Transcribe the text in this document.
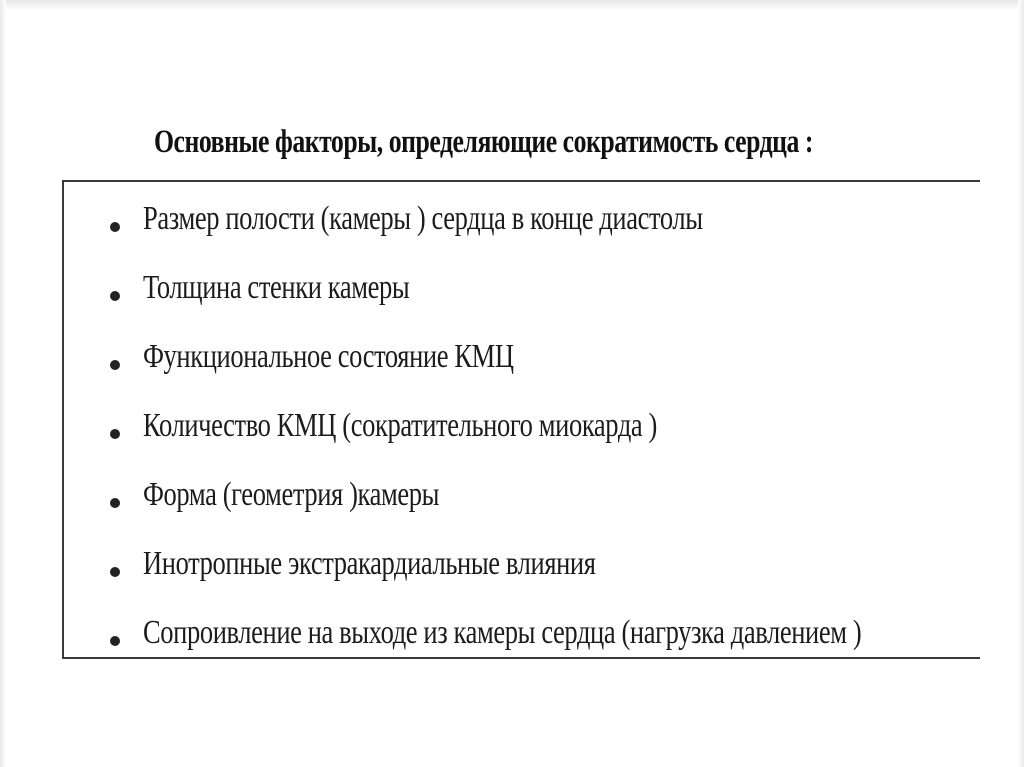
Основные факторы, определяющие сократимость сердца :
Размер полости (камеры ) сердца в конце диастолы
Толщина стенки камеры
Функциональное состояние КМЦ
Количество КМЦ (сократительного миокарда )
Форма (геометрия )камеры
Инотропные экстракардиальные влияния
Сопроивление на выходе из камеры сердца (нагрузка давлением )
